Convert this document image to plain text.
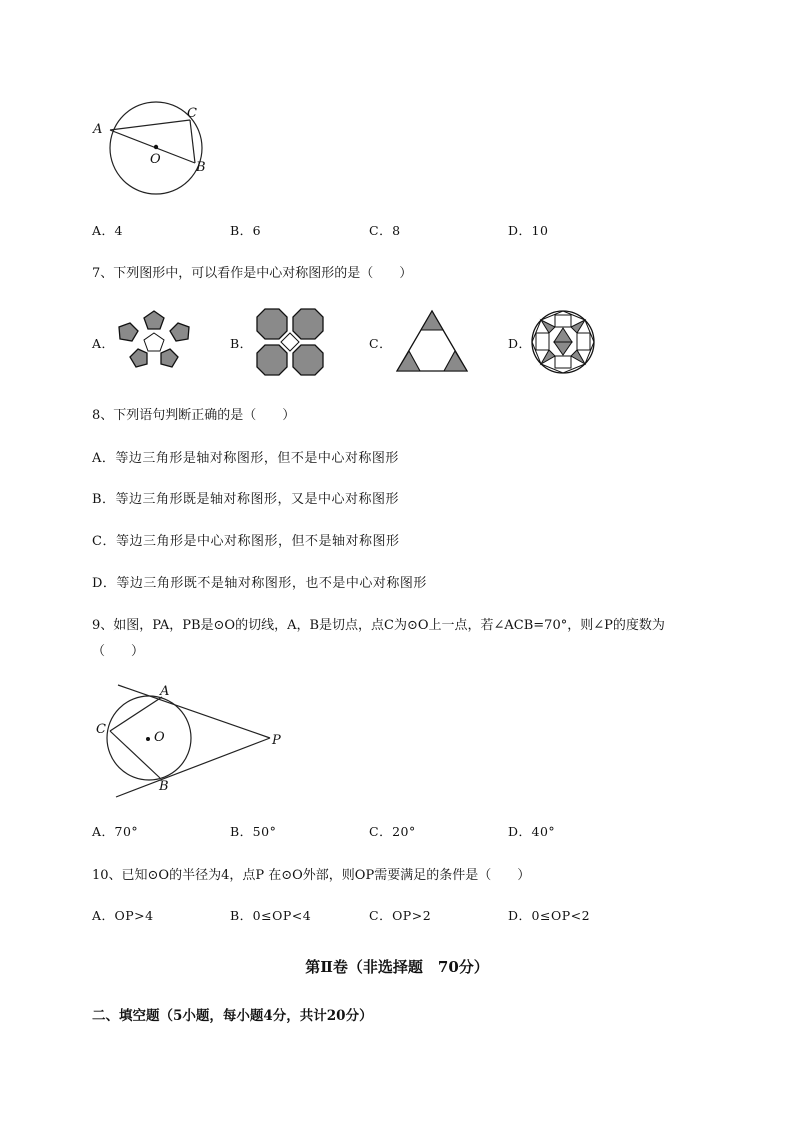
A
C
O
B
A．4	B．6	C．8	D．10
7、下列图形中，可以看作是中心对称图形的是（　　）
A．	B．	C．	D．
8、下列语句判断正确的是（　　）
A．等边三角形是轴对称图形，但不是中心对称图形
B．等边三角形既是轴对称图形，又是中心对称图形
C．等边三角形是中心对称图形，但不是轴对称图形
D．等边三角形既不是轴对称图形，也不是中心对称图形
9、如图，PA，PB是⊙O的切线，A，B是切点，点C为⊙O上一点，若∠ACB=70°，则∠P的度数为
（　　）
A
C
O	P
B
A．70°	B．50°	C．20°	D．40°
10、已知⊙O的半径为4，点P 在⊙O外部，则OP需要满足的条件是（　　）
A．OP>4	B．0≤OP<4	C．OP>2	D．0≤OP<2
第Ⅱ卷（非选择题　70分）
二、填空题（5小题，每小题4分，共计20分）
